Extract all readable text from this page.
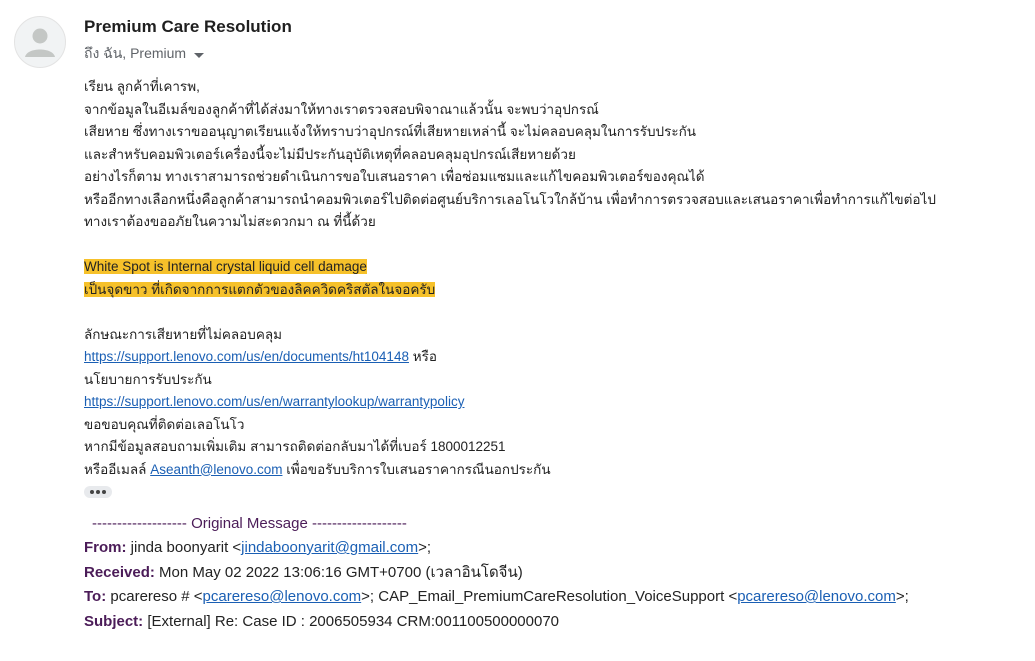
Premium Care Resolution
ถึง ฉัน, Premium
เรียน ลูกค้าที่เคารพ,
จากข้อมูลในอีเมล์ของลูกค้าที่ได้ส่งมาให้ทางเราตรวจสอบพิจาณาแล้วนั้น จะพบว่าอุปกรณ์
เสียหาย ซึ่งทางเราขออนุญาตเรียนแจ้งให้ทราบว่าอุปกรณ์ที่เสียหายเหล่านี้ จะไม่คลอบคลุมในการรับประกัน
และสำหรับคอมพิวเตอร์เครื่องนี้จะไม่มีประกันอุบัติเหตุที่คลอบคลุมอุปกรณ์เสียหายด้วย
อย่างไรก็ตาม ทางเราสามารถช่วยดำเนินการขอใบเสนอราคา เพื่อซ่อมแซมและแก้ไขคอมพิวเตอร์ของคุณได้
หรืออีกทางเลือกหนึ่งคือลูกค้าสามารถนำคอมพิวเตอร์ไปติดต่อศูนย์บริการเลอโนโวใกล้บ้าน เพื่อทำการตรวจสอบและเสนอราคาเพื่อทำการแก้ไขต่อไป
ทางเราต้องขออภัยในความไม่สะดวกมา ณ ที่นี้ด้วย
White Spot is Internal crystal liquid cell damage
เป็นจุดขาว ที่เกิดจากการแตกตัวของลิคควิดคริสตัลในจอครับ
ลักษณะการเสียหายที่ไม่คลอบคลุม
https://support.lenovo.com/us/en/documents/ht104148 หรือ
นโยบายการรับประกัน
https://support.lenovo.com/us/en/warrantylookup/warrantypolicy
ขอขอบคุณที่ติดต่อเลอโนโว
หากมีข้อมูลสอบถามเพิ่มเติม สามารถติดต่อกลับมาได้ที่เบอร์ 1800012251
หรืออีเมลล์ Aseanth@lenovo.com เพื่อขอรับบริการใบเสนอราคากรณีนอกประกัน
------------------- Original Message -------------------
From: jinda boonyarit <jindaboonyarit@gmail.com>;
Received: Mon May 02 2022 13:06:16 GMT+0700 (เวลาอินโดจีน)
To: pcarereso # <pcarereso@lenovo.com>; CAP_Email_PremiumCareResolution_VoiceSupport <pcarereso@lenovo.com>;
Subject: [External] Re: Case ID : 2006505934 CRM:001100500000070
